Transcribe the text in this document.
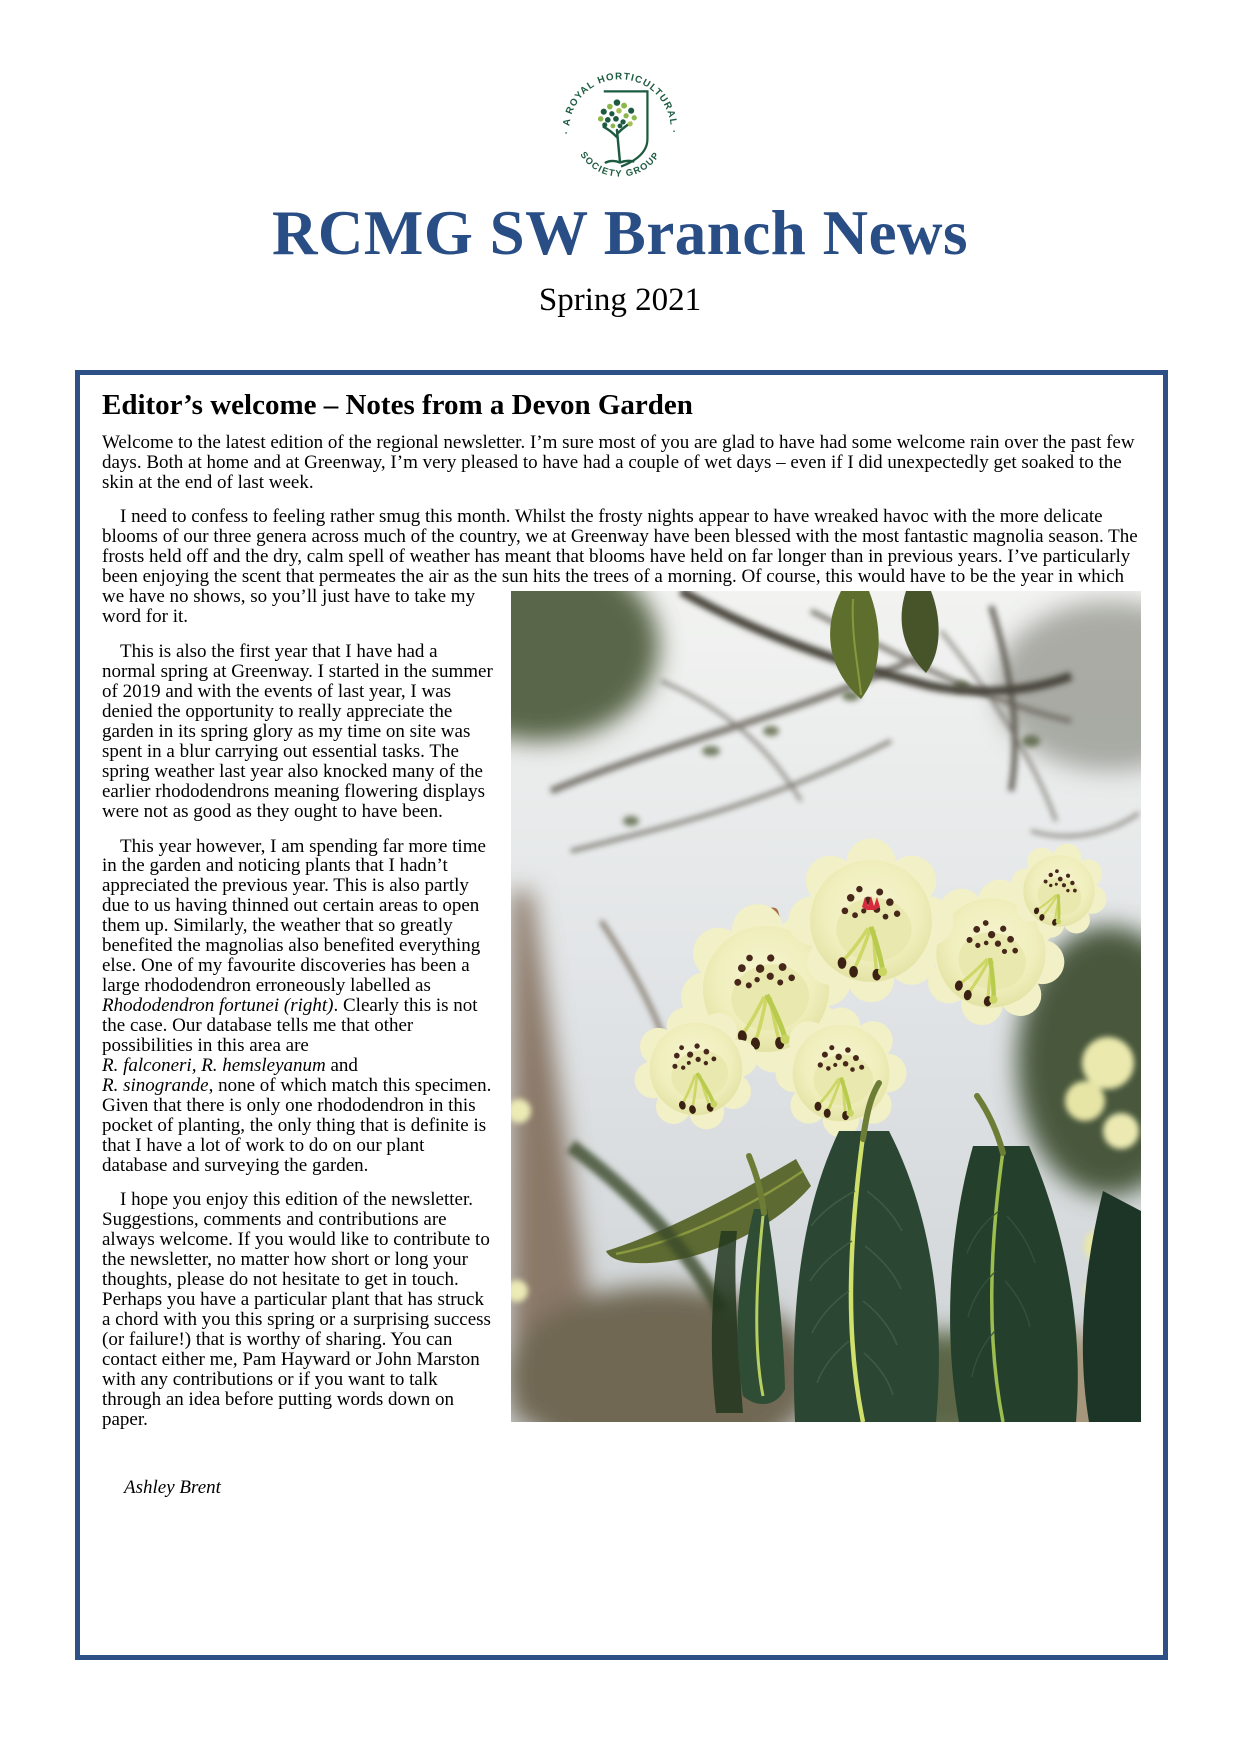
· A ROYAL HORTICULTURAL ·
SOCIETY GROUP
RCMG SW Branch News
Spring 2021
Editor’s welcome – Notes from a Devon Garden

Welcome to the latest edition of the regional newsletter. I’m sure most of you are glad to have had some welcome rain over the past few days. Both at home and at Greenway, I’m very pleased to have had a couple of wet days – even if I did unexpectedly get soaked to the skin at the end of last week.

I need to confess to feeling rather smug this month. Whilst the frosty nights appear to have wreaked havoc with the more delicate blooms of our three genera across much of the country, we at Greenway have been blessed with the most fantastic magnolia season. The frosts held off and the dry, calm spell of weather has meant that blooms have held on far longer than in previous years. I’ve particularly been enjoying the scent that permeates the air as the sun hits the trees of a morning. Of course, this would have to be the year in which we have no shows, so you’ll just have to take my word for it.

This is also the first year that I have had a normal spring at Greenway. I started in the summer of 2019 and with the events of last year, I was denied the opportunity to really appreciate the garden in its spring glory as my time on site was spent in a blur carrying out essential tasks. The spring weather last year also knocked many of the earlier rhododendrons meaning flowering displays were not as good as they ought to have been.

This year however, I am spending far more time in the garden and noticing plants that I hadn’t appreciated the previous year. This is also partly due to us having thinned out certain areas to open them up. Similarly, the weather that so greatly benefited the magnolias also benefited everything else. One of my favourite discoveries has been a large rhododendron erroneously labelled as Rhododendron fortunei (right). Clearly this is not the case. Our database tells me that other possibilities in this area are
R. falconeri, R. hemsleyanum and
R. sinogrande, none of which match this specimen. Given that there is only one rhododendron in this pocket of planting, the only thing that is definite is that I have a lot of work to do on our plant database and surveying the garden.

I hope you enjoy this edition of the newsletter. Suggestions, comments and contributions are always welcome. If you would like to contribute to the newsletter, no matter how short or long your thoughts, please do not hesitate to get in touch. Perhaps you have a particular plant that has struck a chord with you this spring or a surprising success (or failure!) that is worthy of sharing. You can contact either me, Pam Hayward or John Marston with any contributions or if you want to talk through an idea before putting words down on paper.

Ashley Brent
